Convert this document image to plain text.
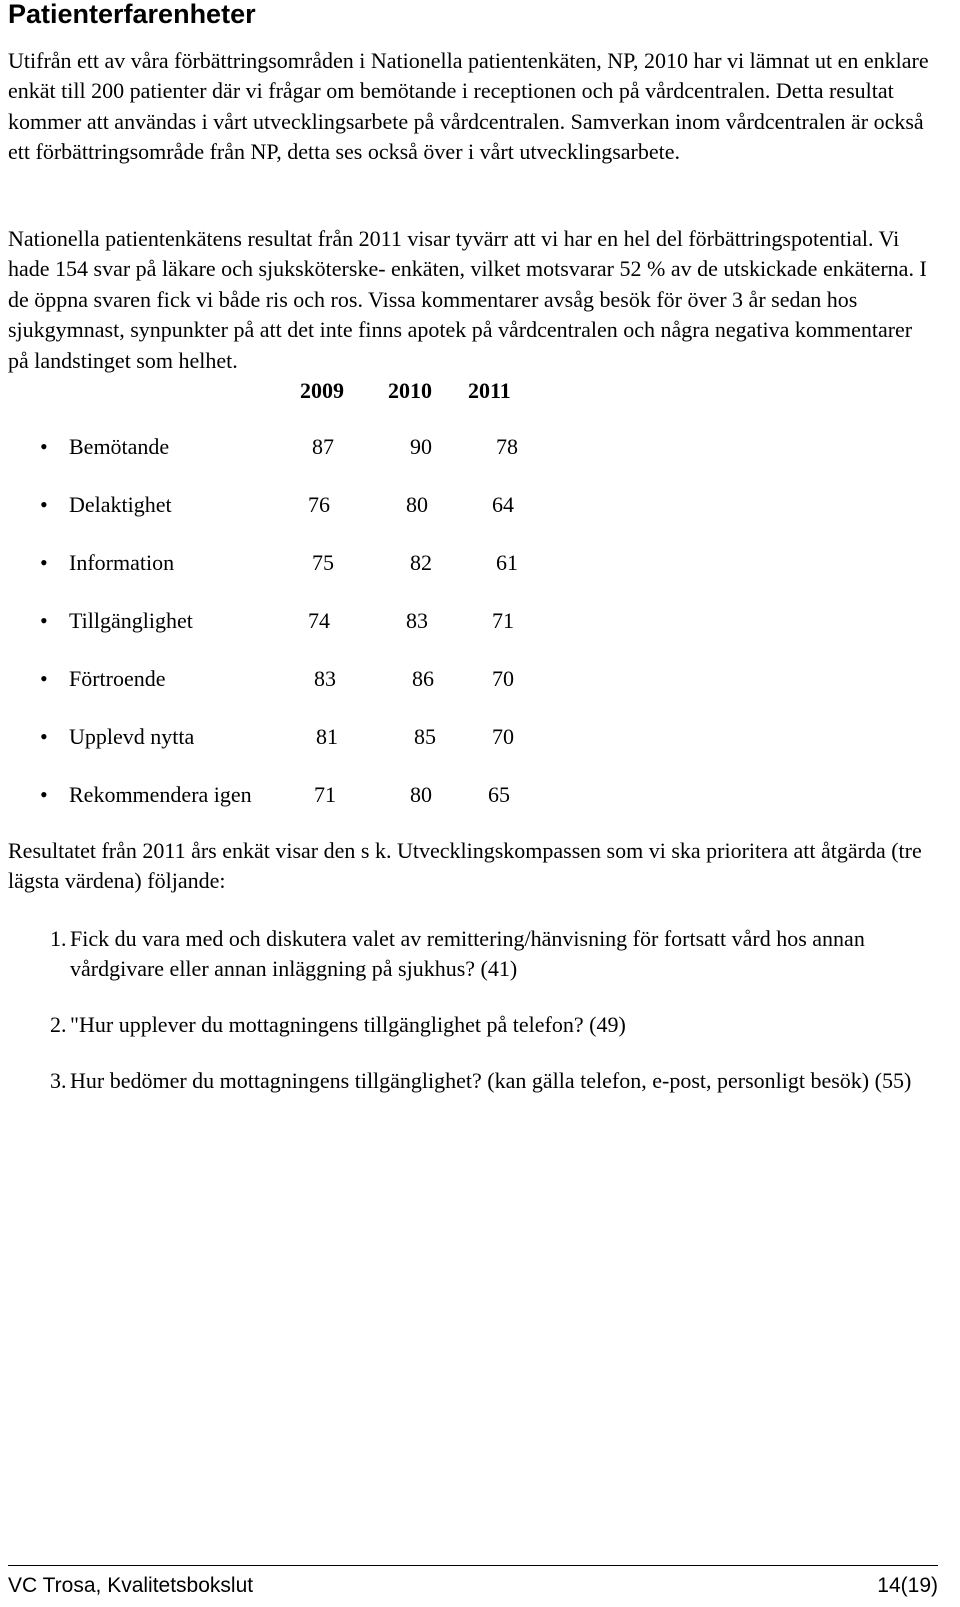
Patienterfarenheter

Utifrån ett av våra förbättringsområden i Nationella patientenkäten, NP, 2010 har vi lämnat ut en enklare enkät till 200 patienter där vi frågar om bemötande i receptionen och på vårdcentralen. Detta resultat kommer att användas i vårt utvecklingsarbete på vårdcentralen. Samverkan inom vårdcentralen är också ett förbättringsområde från NP, detta ses också över i vårt utvecklingsarbete.

Nationella patientenkätens resultat från 2011 visar tyvärr att vi har en hel del förbättringspotential. Vi hade 154 svar på läkare och sjuksköterske- enkäten, vilket motsvarar 52 % av de utskickade enkäterna. I de öppna svaren fick vi både ris och ros. Vissa kommentarer avsåg besök för över 3 år sedan hos sjukgymnast, synpunkter på att det inte finns apotek på vårdcentralen och några negativa kommentarer på landstinget som helhet.

2009 2010 2011
• Bemötande	87	90	78
• Delaktighet	76	80	64
• Information	75	82	61
• Tillgänglighet	74	83	71
• Förtroende	83	86	70
• Upplevd nytta	81	85	70
• Rekommendera igen	71	80	65

Resultatet från 2011 års enkät visar den s k. Utvecklingskompassen som vi ska prioritera att åtgärda (tre lägsta värdena) följande:

1. Fick du vara med och diskutera valet av remittering/hänvisning för fortsatt vård hos annan vårdgivare eller annan inläggning på sjukhus? (41)
2. "Hur upplever du mottagningens tillgänglighet på telefon? (49)
3. Hur bedömer du mottagningens tillgänglighet? (kan gälla telefon, e-post, personligt besök) (55)
VC Trosa, Kvalitetsbokslut	14(19)
